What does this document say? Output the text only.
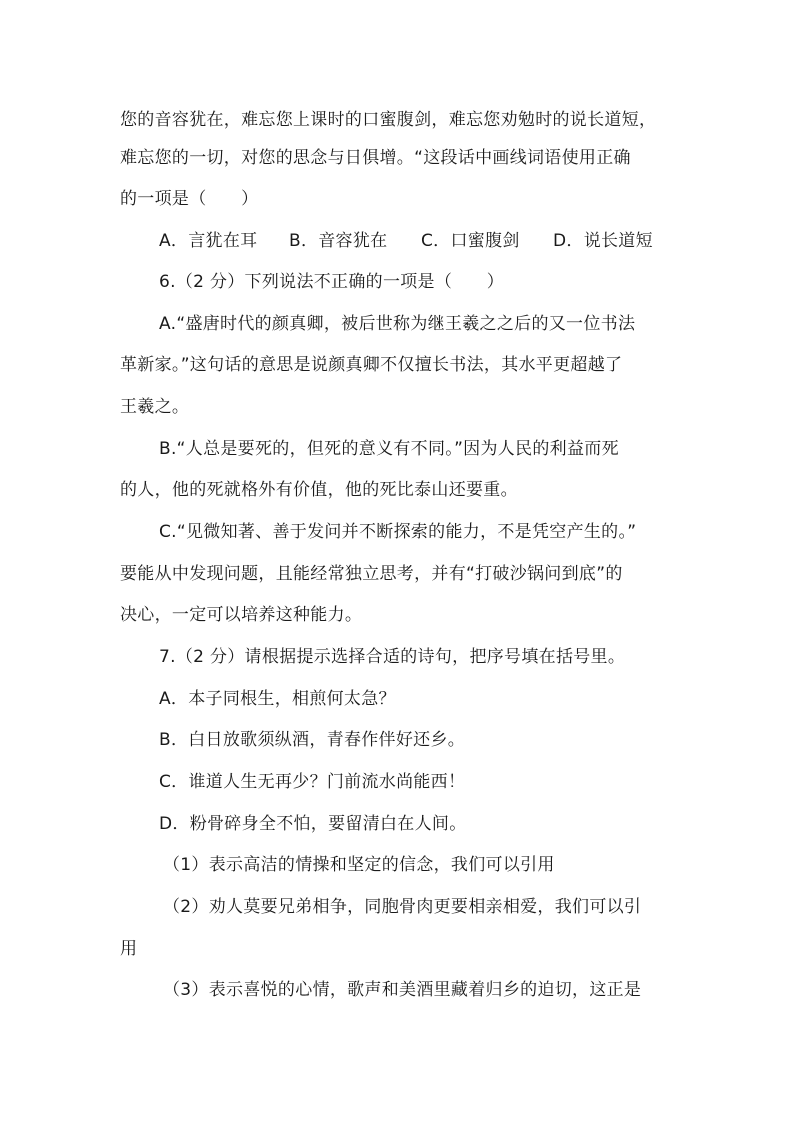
您的音容犹在，难忘您上课时的口蜜腹剑，难忘您劝勉时的说长道短，
难忘您的一切，对您的思念与日俱增。“这段话中画线词语使用正确
的一项是（　　）
A．言犹在耳 B．音容犹在 C．口蜜腹剑 D．说长道短
6.（2 分）下列说法不正确的一项是（　　）
A.“盛唐时代的颜真卿，被后世称为继王羲之之后的又一位书法
革新家。”这句话的意思是说颜真卿不仅擅长书法，其水平更超越了
王羲之。
B.“人总是要死的，但死的意义有不同。”因为人民的利益而死
的人，他的死就格外有价值，他的死比泰山还要重。
C.“见微知著、善于发问并不断探索的能力，不是凭空产生的。”
要能从中发现问题，且能经常独立思考，并有“打破沙锅问到底”的
决心，一定可以培养这种能力。
7.（2 分）请根据提示选择合适的诗句，把序号填在括号里。
A．本子同根生，相煎何太急？
B．白日放歌须纵酒，青春作伴好还乡。
C．谁道人生无再少？门前流水尚能西！
D．粉骨碎身全不怕，要留清白在人间。
（1）表示高洁的情操和坚定的信念，我们可以引用
（2）劝人莫要兄弟相争，同胞骨肉更要相亲相爱，我们可以引
用
（3）表示喜悦的心情，歌声和美酒里藏着归乡的迫切，这正是
